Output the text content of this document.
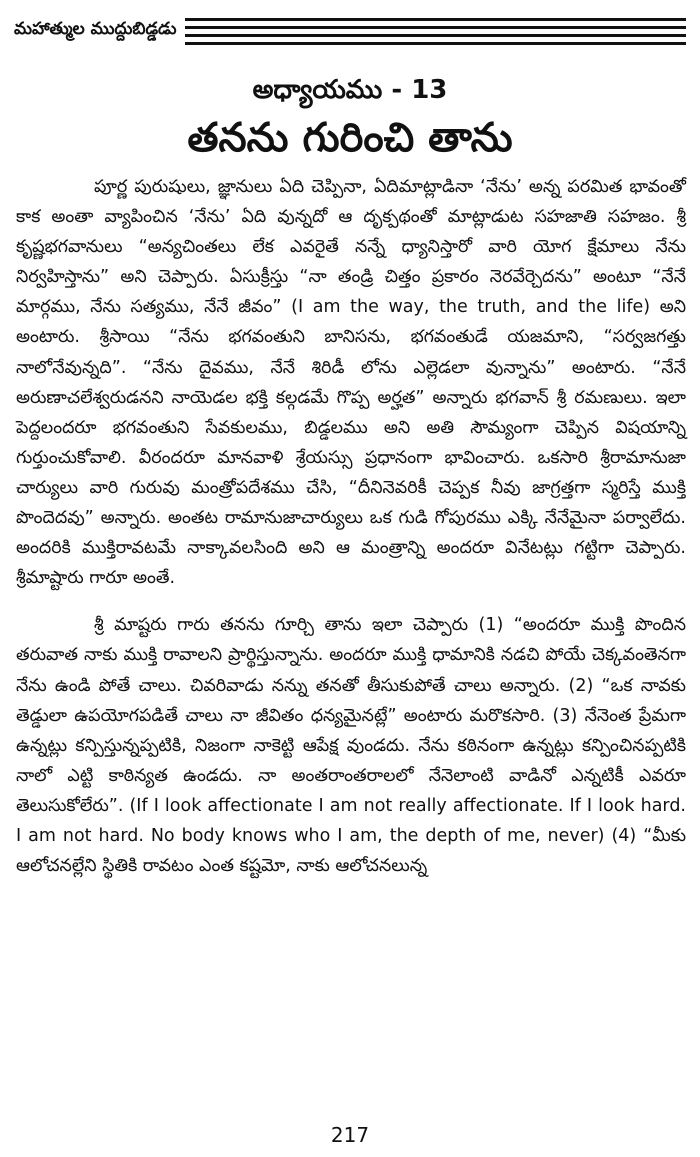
మహాత్ముల ముద్దుబిడ్డడు
అధ్యాయము - 13
తనను గురించి తాను

పూర్ణ పురుషులు, జ్ఞానులు ఏది చెప్పినా, ఏదిమాట్లాడినా ‘నేను’ అన్న పరమిత భావంతో కాక అంతా వ్యాపించిన ‘నేను’ ఏది వున్నదో ఆ దృక్పథంతో మాట్లాడుట సహజాతి సహజం. శ్రీ కృష్ణభగవానులు “అన్యచింతలు లేక ఎవరైతే నన్నే ధ్యానిస్తారో వారి యోగ క్షేమాలు నేను నిర్వహిస్తాను” అని చెప్పారు. ఏసుక్రీస్తు “నా తండ్రి చిత్తం ప్రకారం నెరవేర్చెదను” అంటూ “నేనే మార్గము, నేను సత్యము, నేనే జీవం” (I am the way, the truth, and the life) అని అంటారు. శ్రీసాయి “నేను భగవంతుని బానిసను, భగవంతుడే యజమాని, “సర్వజగత్తు నాలోనేవున్నది”. “నేను దైవము, నేనే శిరిడీ లోను ఎల్లెడలా వున్నాను” అంటారు. “నేనే అరుణాచలేశ్వరుడనని నాయెడల భక్తి కల్గడమే గొప్ప అర్హత” అన్నారు భగవాన్ శ్రీ రమణులు. ఇలా పెద్దలందరూ భగవంతుని సేవకులము, బిడ్డలము అని అతి సౌమ్యంగా చెప్పిన విషయాన్ని గుర్తుంచుకోవాలి. వీరందరూ మానవాళి శ్రేయస్సు ప్రధానంగా భావించారు. ఒకసారి శ్రీరామానుజా చార్యులు వారి గురువు మంత్రోపదేశము చేసి, “దీనినెవరికీ చెప్పక నీవు జాగ్రత్తగా స్మరిస్తే ముక్తి పొందెదవు” అన్నారు. అంతట రామానుజాచార్యులు ఒక గుడి గోపురము ఎక్కి నేనేమైనా పర్వాలేదు. అందరికి ముక్తిరావటమే నాక్కావలసింది అని ఆ మంత్రాన్ని అందరూ వినేటట్లు గట్టిగా చెప్పారు. శ్రీమాష్టారు గారూ అంతే.

శ్రీ మాష్టరు గారు తనను గూర్చి తాను ఇలా చెప్పారు (1) “అందరూ ముక్తి పొందిన తరువాత నాకు ముక్తి రావాలని ప్రార్థిస్తున్నాను. అందరూ ముక్తి ధామానికి నడచి పోయే చెక్కవంతెనగా నేను ఉండి పోతే చాలు. చివరివాడు నన్ను తనతో తీసుకుపోతే చాలు అన్నారు. (2) “ఒక నావకు తెడ్డులా ఉపయోగపడితే చాలు నా జీవితం ధన్యమైనట్లే” అంటారు మరొకసారి. (3) నేనెంత ప్రేమగా ఉన్నట్లు కన్పిస్తున్నప్పటికి, నిజంగా నాకెట్టి ఆపేక్ష వుండదు. నేను కఠినంగా ఉన్నట్లు కన్పించినప్పటికి నాలో ఎట్టి కాఠిన్యత ఉండదు. నా అంతరాంతరాలలో నేనెలాంటి వాడినో ఎన్నటికీ ఎవరూ తెలుసుకోలేరు”. (If I look affectionate I am not really affectionate. If I look hard. I am not hard. No body knows who I am, the depth of me, never) (4) “మీకు ఆలోచనల్లేని స్థితికి రావటం ఎంత కష్టమో, నాకు ఆలోచనలున్న

217
